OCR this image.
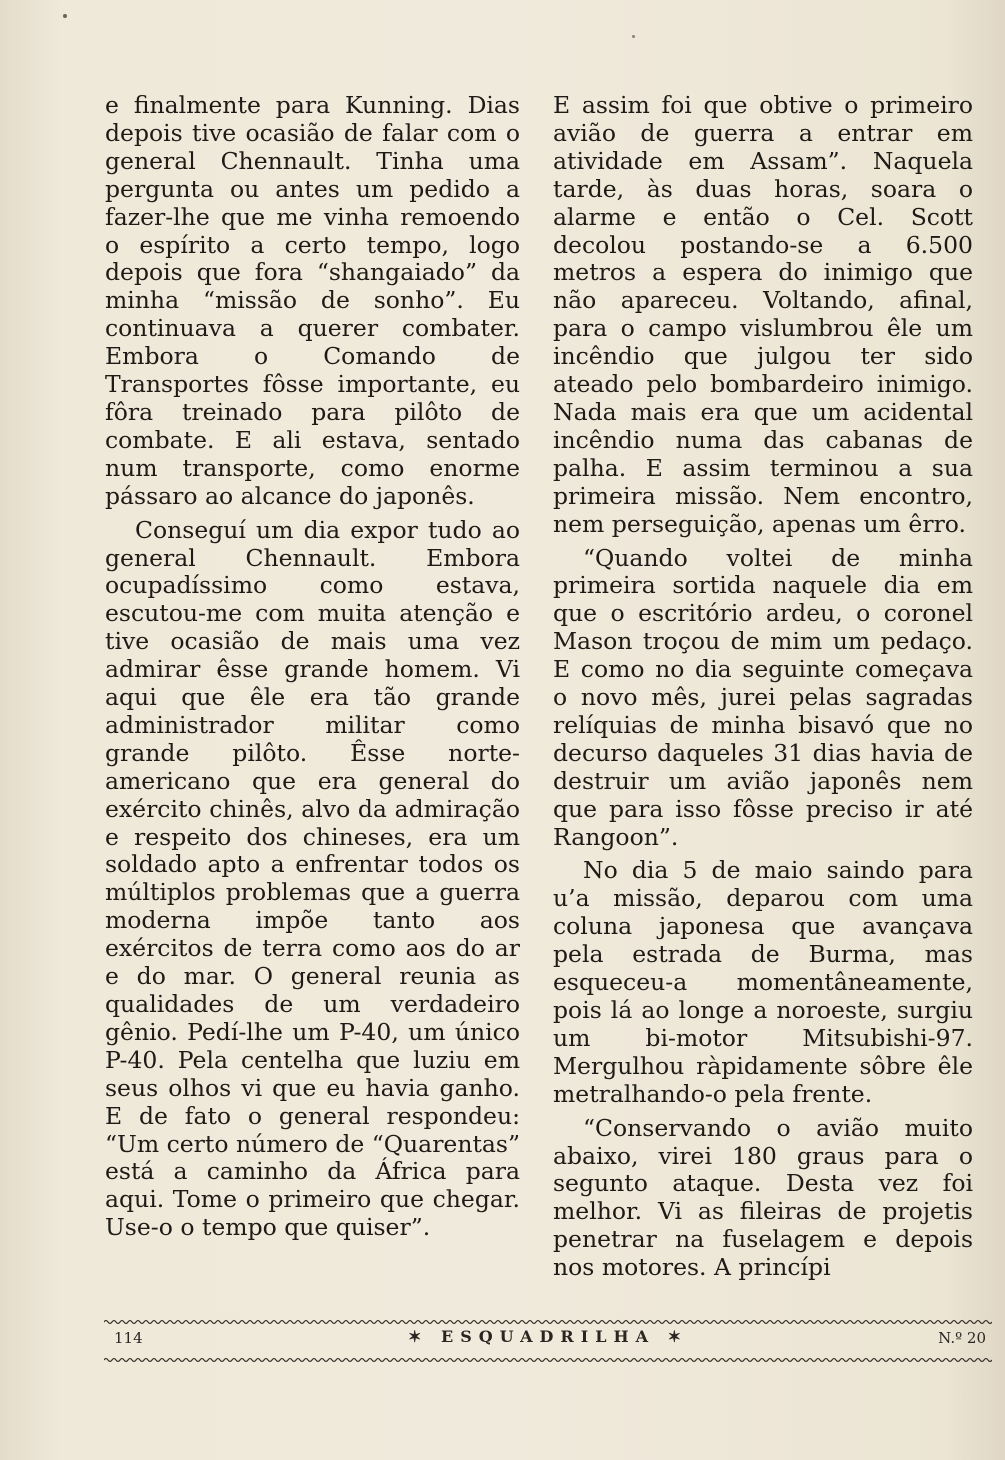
e finalmente para Kunning. Dias depois tive ocasião de falar com o general Chennault. Tinha uma pergunta ou antes um pedido a fazer-lhe que me vinha remoendo o espírito a certo tempo, logo depois que fora “shangaiado” da minha “missão de sonho”. Eu continuava a querer combater. Embora o Comando de Transportes fôsse importante, eu fôra treinado para pilôto de combate. E ali estava, sentado num transporte, como enorme pássaro ao alcance do japonês.

Conseguí um dia expor tudo ao general Chennault. Embora ocupadíssimo como estava, escutou-me com muita atenção e tive ocasião de mais uma vez admirar êsse grande homem. Vi aqui que êle era tão grande administrador militar como grande pilôto. Êsse norte-americano que era general do exército chinês, alvo da admiração e respeito dos chineses, era um soldado apto a enfrentar todos os múltiplos problemas que a guerra moderna impõe tanto aos exércitos de terra como aos do ar e do mar. O general reunia as qualidades de um verdadeiro gênio. Pedí-lhe um P-40, um único P-40. Pela centelha que luziu em seus olhos vi que eu havia ganho. E de fato o general respondeu: “Um certo número de “Quarentas” está a caminho da África para aqui. Tome o primeiro que chegar. Use-o o tempo que quiser”.

E assim foi que obtive o primeiro avião de guerra a entrar em atividade em Assam”. Naquela tarde, às duas horas, soara o alarme e então o Cel. Scott decolou postando-se a 6.500 metros a espera do inimigo que não apareceu. Voltando, afinal, para o campo vislumbrou êle um incêndio que julgou ter sido ateado pelo bombardeiro inimigo. Nada mais era que um acidental incêndio numa das cabanas de palha. E assim terminou a sua primeira missão. Nem encontro, nem perseguição, apenas um êrro.

“Quando voltei de minha primeira sortida naquele dia em que o escritório ardeu, o coronel Mason troçou de mim um pedaço. E como no dia seguinte começava o novo mês, jurei pelas sagradas relíquias de minha bisavó que no decurso daqueles 31 dias havia de destruir um avião japonês nem que para isso fôsse preciso ir até Rangoon”.

No dia 5 de maio saindo para u’a missão, deparou com uma coluna japonesa que avançava pela estrada de Burma, mas esqueceu-a momentâneamente, pois lá ao longe a noroeste, surgiu um bi-motor Mitsubishi-97. Mergulhou ràpidamente sôbre êle metralhando-o pela frente.

“Conservando o avião muito abaixo, virei 180 graus para o segunto ataque. Desta vez foi melhor. Vi as fileiras de projetis penetrar na fuselagem e depois nos motores. A princípi

114	✶ ESQUADRILHA ✶	N.º 20
